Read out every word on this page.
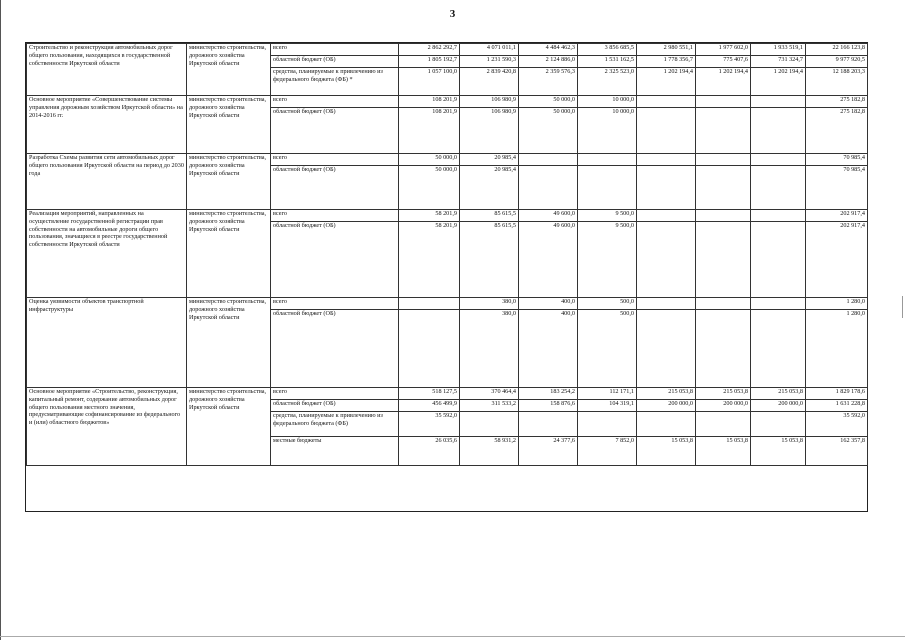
3
Строительство и реконструкция автомобильных дорог общего пользования, находящихся в государственной собственности Иркутской области	министерство строительства, дорожного хозяйства Иркутской области	всего	2 862 292,7	4 071 011,1	4 484 462,3	3 856 685,5	2 980 551,1	1 977 602,0	1 933 519,1	22 166 123,8
		областной бюджет (ОБ)	1 805 192,7	1 231 590,3	2 124 886,0	1 531 162,5	1 778 356,7	775 407,6	731 324,7	9 977 920,5
		средства, планируемые к привлечению из федерального бюджета (ФБ) *	1 057 100,0	2 839 420,8	2 359 576,3	2 325 523,0	1 202 194,4	1 202 194,4	1 202 194,4	12 188 203,3
Основное мероприятие «Совершенствование системы управления дорожным хозяйством Иркутской области» на 2014-2016 гг.	министерство строительства, дорожного хозяйства Иркутской области	всего	108 201,9	106 980,9	50 000,0	10 000,0				275 182,8
		областной бюджет (ОБ)	108 201,9	106 980,9	50 000,0	10 000,0				275 182,8
Разработка Схемы развития сети автомобильных дорог общего пользования Иркутской области на период до 2030 года	министерство строительства, дорожного хозяйства Иркутской области	всего	50 000,0	20 985,4						70 985,4
		областной бюджет (ОБ)	50 000,0	20 985,4						70 985,4
Реализация мероприятий, направленных на осуществление государственной регистрации прав собственности на автомобильные дороги общего пользования, значащиеся в реестре государственной собственности Иркутской области	министерство строительства, дорожного хозяйства Иркутской области	всего	58 201,9	85 615,5	49 600,0	9 500,0				202 917,4
		областной бюджет (ОБ)	58 201,9	85 615,5	49 600,0	9 500,0				202 917,4
Оценка уязвимости объектов транспортной инфраструктуры	министерство строительства, дорожного хозяйства Иркутской области	всего		380,0	400,0	500,0				1 280,0
		областной бюджет (ОБ)		380,0	400,0	500,0				1 280,0
Основное мероприятие «Строительство, реконструкция, капитальный ремонт, содержание автомобильных дорог общего пользования местного значения, предусматривающие софинансирование из федерального и (или) областного бюджетов»	министерство строительства, дорожного хозяйства Иркутской области	всего	518 127,5	370 464,4	183 254,2	112 171,1	215 053,8	215 053,8	215 053,8	1 829 178,6
		областной бюджет (ОБ)	456 499,9	311 533,2	158 876,6	104 319,1	200 000,0	200 000,0	200 000,0	1 631 228,8
		средства, планируемые к привлечению из федерального бюджета (ФБ)	35 592,0							35 592,0
		местные бюджеты	26 035,6	58 931,2	24 377,6	7 852,0	15 053,8	15 053,8	15 053,8	162 357,8
